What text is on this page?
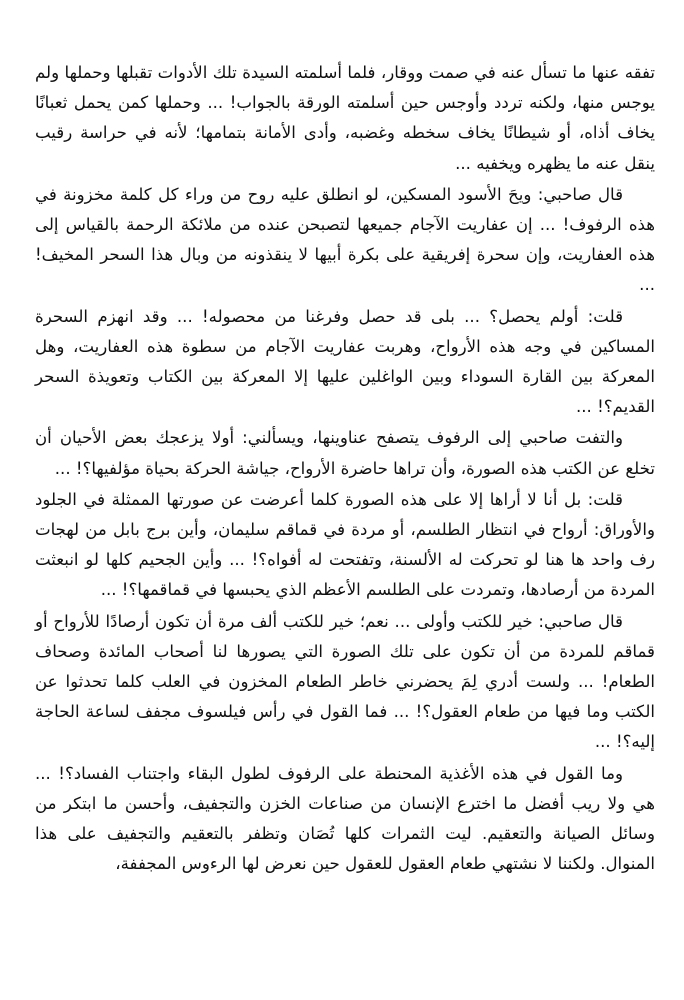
تفقه عنها ما تسأل عنه في صمت ووقار، فلما أسلمته السيدة تلك الأدوات تقبلها وحملها ولم يوجس منها، ولكنه تردد وأوجس حين أسلمته الورقة بالجواب! ... وحملها كمن يحمل ثعبانًا يخاف أذاه، أو شيطانًا يخاف سخطه وغضبه، وأدى الأمانة بتمامها؛ لأنه في حراسة رقيب ينقل عنه ما يظهره ويخفيه ...

قال صاحبي: ويحَ الأسود المسكين، لو انطلق عليه روح من وراء كل كلمة مخزونة في هذه الرفوف! ... إن عفاريت الآجام جميعها لتصبحن عنده من ملائكة الرحمة بالقياس إلى هذه العفاريت، وإن سحرة إفريقية على بكرة أبيها لا ينقذونه من وبال هذا السحر المخيف! ...

قلت: أولم يحصل؟ ... بلى قد حصل وفرغنا من محصوله! ... وقد انهزم السحرة المساكين في وجه هذه الأرواح، وهربت عفاريت الآجام من سطوة هذه العفاريت، وهل المعركة بين القارة السوداء وبين الواغلين عليها إلا المعركة بين الكتاب وتعويذة السحر القديم؟! ...

والتفت صاحبي إلى الرفوف يتصفح عناوينها، ويسألني: أولا يزعجك بعض الأحيان أن تخلع عن الكتب هذه الصورة، وأن تراها حاضرة الأرواح، جياشة الحركة بحياة مؤلفيها؟! ...

قلت: بل أنا لا أراها إلا على هذه الصورة كلما أعرضت عن صورتها الممثلة في الجلود والأوراق: أرواح في انتظار الطلسم، أو مردة في قماقم سليمان، وأين برج بابل من لهجات رف واحد ها هنا لو تحركت له الألسنة، وتفتحت له أفواه؟! ... وأين الجحيم كلها لو انبعثت المردة من أرصادها، وتمردت على الطلسم الأعظم الذي يحبسها في قماقمها؟! ...

قال صاحبي: خير للكتب وأولى ... نعم؛ خير للكتب ألف مرة أن تكون أرصادًا للأرواح أو قماقم للمردة من أن تكون على تلك الصورة التي يصورها لنا أصحاب المائدة وصحاف الطعام! ... ولست أدري لِمَ يحضرني خاطر الطعام المخزون في العلب كلما تحدثوا عن الكتب وما فيها من طعام العقول؟! ... فما القول في رأس فيلسوف مجفف لساعة الحاجة إليه؟! ...

وما القول في هذه الأغذية المحنطة على الرفوف لطول البقاء واجتناب الفساد؟! ... هي ولا ريب أفضل ما اخترع الإنسان من صناعات الخزن والتجفيف، وأحسن ما ابتكر من وسائل الصيانة والتعقيم. ليت الثمرات كلها تُصَان وتظفر بالتعقيم والتجفيف على هذا المنوال. ولكننا لا نشتهي طعام العقول للعقول حين نعرض لها الرءوس المجففة،
